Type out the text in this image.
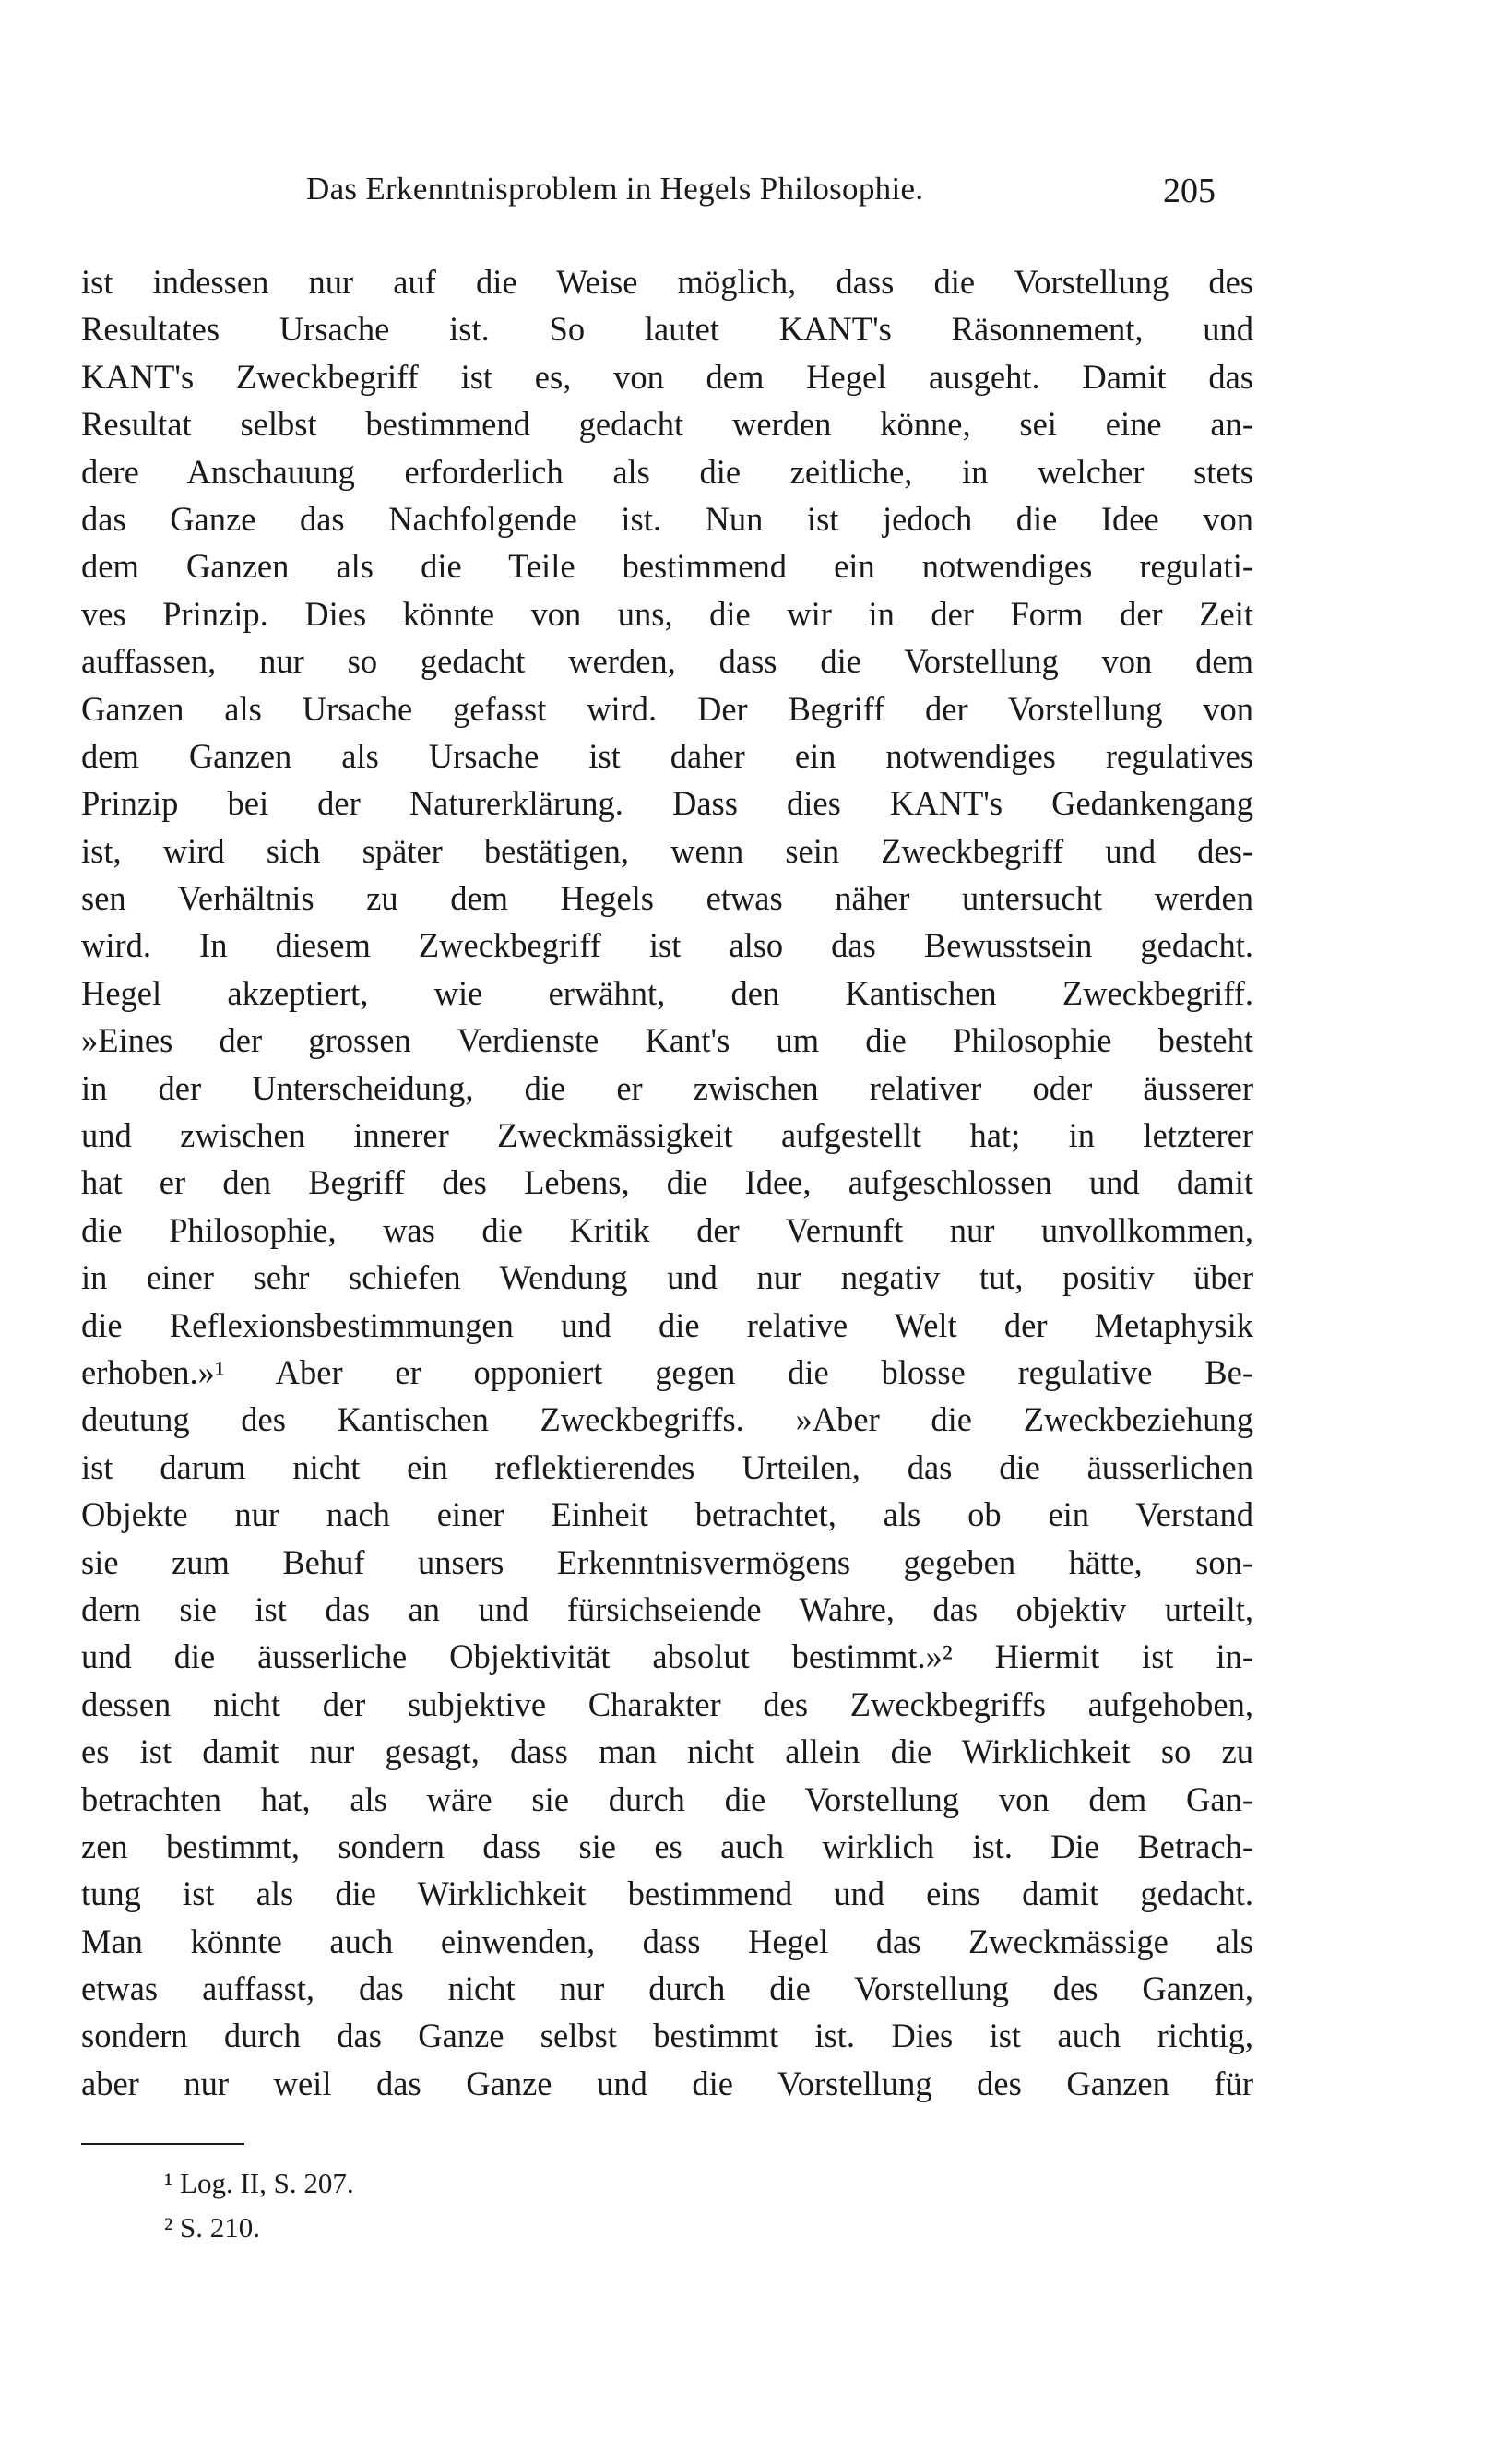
Das Erkenntnisproblem in Hegels Philosophie.	205
ist indessen nur auf die Weise möglich, dass die Vorstellung des
Resultates Ursache ist. So lautet KANT's Räsonnement, und
KANT's Zweckbegriff ist es, von dem Hegel ausgeht. Damit das
Resultat selbst bestimmend gedacht werden könne, sei eine an-
dere Anschauung erforderlich als die zeitliche, in welcher stets
das Ganze das Nachfolgende ist. Nun ist jedoch die Idee von
dem Ganzen als die Teile bestimmend ein notwendiges regulati-
ves Prinzip. Dies könnte von uns, die wir in der Form der Zeit
auffassen, nur so gedacht werden, dass die Vorstellung von dem
Ganzen als Ursache gefasst wird. Der Begriff der Vorstellung von
dem Ganzen als Ursache ist daher ein notwendiges regulatives
Prinzip bei der Naturerklärung. Dass dies KANT's Gedankengang
ist, wird sich später bestätigen, wenn sein Zweckbegriff und des-
sen Verhältnis zu dem Hegels etwas näher untersucht werden
wird. In diesem Zweckbegriff ist also das Bewusstsein gedacht.
Hegel akzeptiert, wie erwähnt, den Kantischen Zweckbegriff.
»Eines der grossen Verdienste Kant's um die Philosophie besteht
in der Unterscheidung, die er zwischen relativer oder äusserer
und zwischen innerer Zweckmässigkeit aufgestellt hat; in letzterer
hat er den Begriff des Lebens, die Idee, aufgeschlossen und damit
die Philosophie, was die Kritik der Vernunft nur unvollkommen,
in einer sehr schiefen Wendung und nur negativ tut, positiv über
die Reflexionsbestimmungen und die relative Welt der Metaphysik
erhoben.»¹ Aber er opponiert gegen die blosse regulative Be-
deutung des Kantischen Zweckbegriffs. »Aber die Zweckbeziehung
ist darum nicht ein reflektierendes Urteilen, das die äusserlichen
Objekte nur nach einer Einheit betrachtet, als ob ein Verstand
sie zum Behuf unsers Erkenntnisvermögens gegeben hätte, son-
dern sie ist das an und fürsichseiende Wahre, das objektiv urteilt,
und die äusserliche Objektivität absolut bestimmt.»² Hiermit ist in-
dessen nicht der subjektive Charakter des Zweckbegriffs aufgehoben,
es ist damit nur gesagt, dass man nicht allein die Wirklichkeit so zu
betrachten hat, als wäre sie durch die Vorstellung von dem Gan-
zen bestimmt, sondern dass sie es auch wirklich ist. Die Betrach-
tung ist als die Wirklichkeit bestimmend und eins damit gedacht.
Man könnte auch einwenden, dass Hegel das Zweckmässige als
etwas auffasst, das nicht nur durch die Vorstellung des Ganzen,
sondern durch das Ganze selbst bestimmt ist. Dies ist auch richtig,
aber nur weil das Ganze und die Vorstellung des Ganzen für
¹ Log. II, S. 207.
² S. 210.
